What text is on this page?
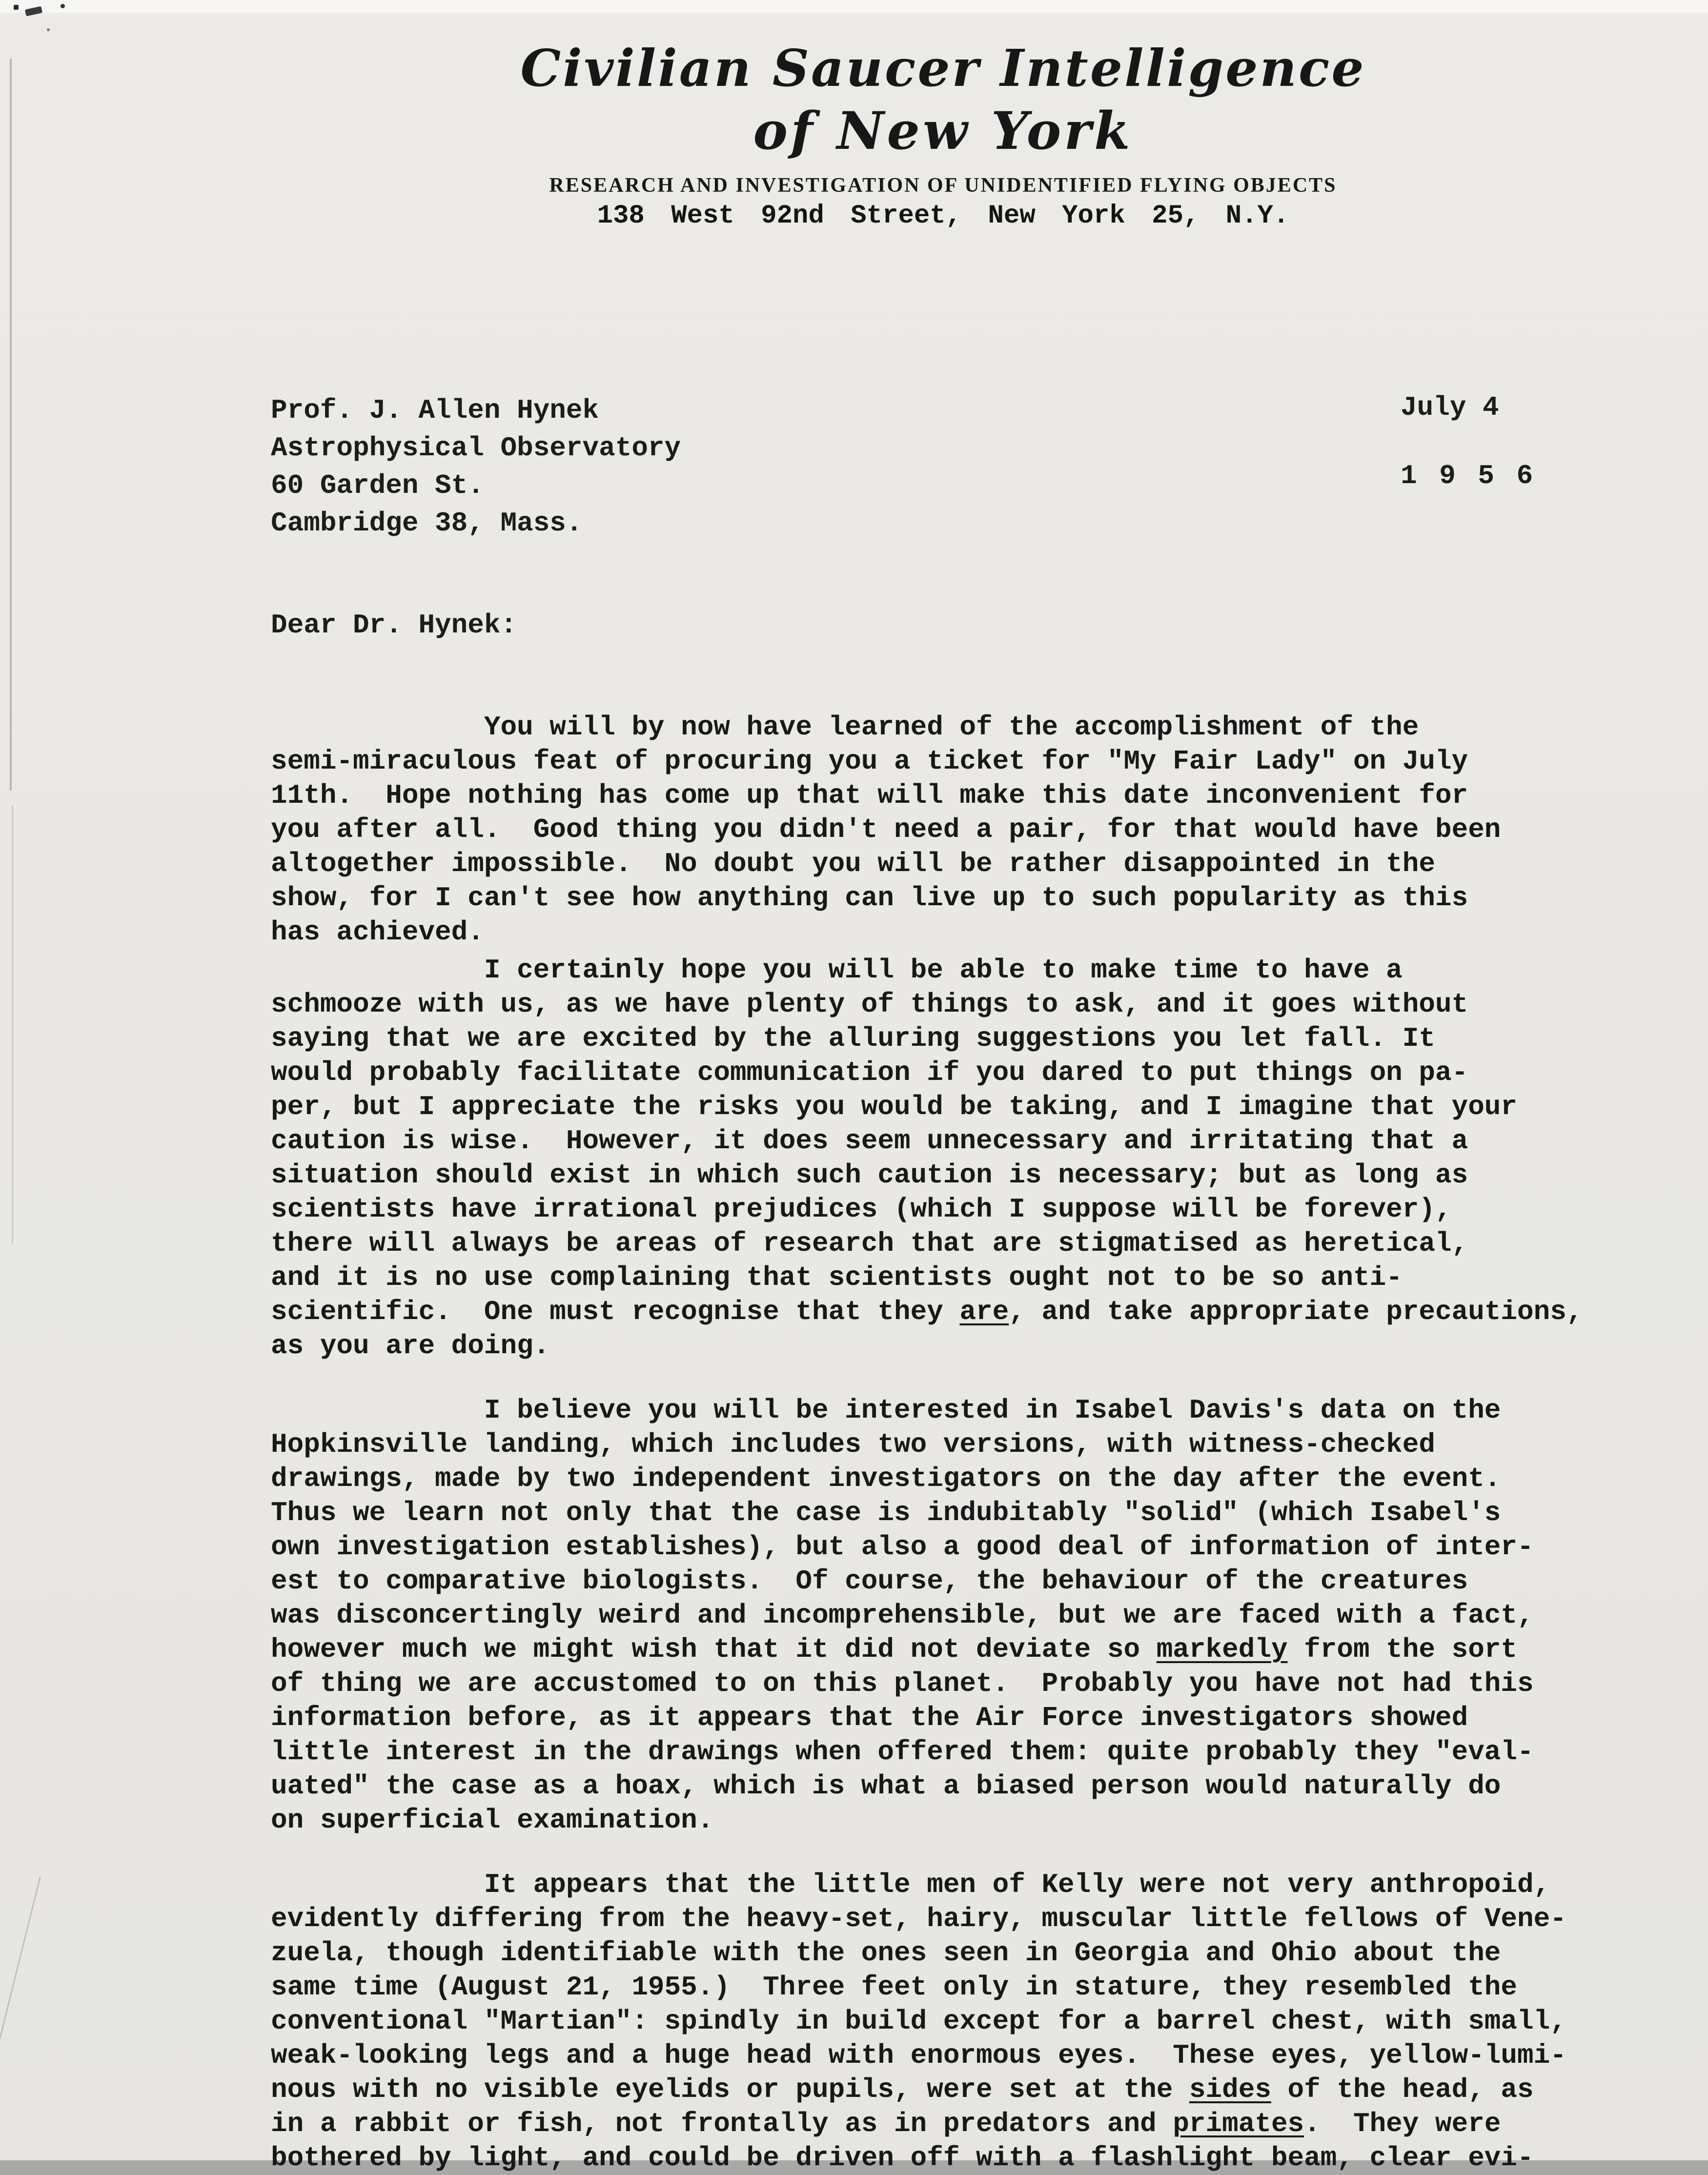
Civilian Saucer Intelligence
of New York
RESEARCH AND INVESTIGATION OF UNIDENTIFIED FLYING OBJECTS
138 West 92nd Street, New York 25, N.Y.
Prof. J. Allen Hynek
Astrophysical Observatory
60 Garden St.
Cambridge 38, Mass.
July 4
1 9 5 6
Dear Dr. Hynek:
You will by now have learned of the accomplishment of the
semi-miraculous feat of procuring you a ticket for "My Fair Lady" on July
11th.  Hope nothing has come up that will make this date inconvenient for
you after all.  Good thing you didn't need a pair, for that would have been
altogether impossible.  No doubt you will be rather disappointed in the
show, for I can't see how anything can live up to such popularity as this
has achieved.
I certainly hope you will be able to make time to have a
schmooze with us, as we have plenty of things to ask, and it goes without
saying that we are excited by the alluring suggestions you let fall. It
would probably facilitate communication if you dared to put things on pa-
per, but I appreciate the risks you would be taking, and I imagine that your
caution is wise.  However, it does seem unnecessary and irritating that a
situation should exist in which such caution is necessary; but as long as
scientists have irrational prejudices (which I suppose will be forever),
there will always be areas of research that are stigmatised as heretical,
and it is no use complaining that scientists ought not to be so anti-
scientific.  One must recognise that they are, and take appropriate precautions,
as you are doing.
I believe you will be interested in Isabel Davis's data on the
Hopkinsville landing, which includes two versions, with witness-checked
drawings, made by two independent investigators on the day after the event.
Thus we learn not only that the case is indubitably "solid" (which Isabel's
own investigation establishes), but also a good deal of information of inter-
est to comparative biologists.  Of course, the behaviour of the creatures
was disconcertingly weird and incomprehensible, but we are faced with a fact,
however much we might wish that it did not deviate so markedly from the sort
of thing we are accustomed to on this planet.  Probably you have not had this
information before, as it appears that the Air Force investigators showed
little interest in the drawings when offered them: quite probably they "eval-
uated" the case as a hoax, which is what a biased person would naturally do
on superficial examination.
It appears that the little men of Kelly were not very anthropoid,
evidently differing from the heavy-set, hairy, muscular little fellows of Vene-
zuela, though identifiable with the ones seen in Georgia and Ohio about the
same time (August 21, 1955.)  Three feet only in stature, they resembled the
conventional "Martian": spindly in build except for a barrel chest, with small,
weak-looking legs and a huge head with enormous eyes.  These eyes, yellow-lumi-
nous with no visible eyelids or pupils, were set at the sides of the head, as
in a rabbit or fish, not frontally as in predators and primates.  They were
bothered by light, and could be driven off with a flashlight beam, clear evi-
